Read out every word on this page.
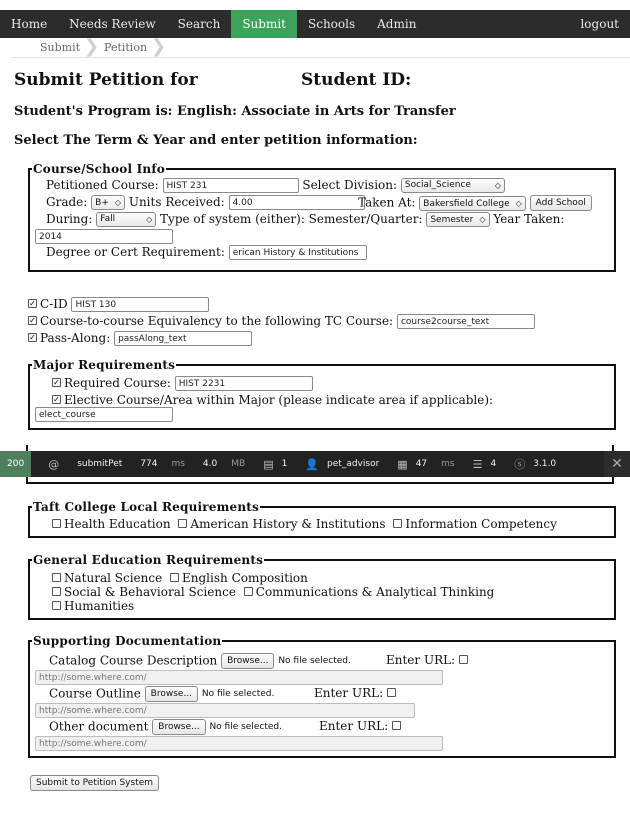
Home	Needs Review	Search	Submit	Schools	Admin	logout
Submit ❯ Petition ❯
Submit Petition for	Student ID:
Student's Program is: English: Associate in Arts for Transfer
Select The Term & Year and enter petition information:
Course/School Info
Petitioned Course: HIST 231	Select Division: Social_Science	◇
Grade: B+ ◇ Units Received: 4.00	Taken At: Bakersfield College ◇ Add School
During: Fall	◇ Type of system (either): Semester/Quarter: Semester ◇ Year Taken:
2014
Degree or Cert Requirement: erican History & Institutions
✓ C-ID HIST 130
✓ Course-to-course Equivalency to the following TC Course: course2course_text
✓ Pass-Along: passAlong_text
Major Requirements
✓ Required Course: HIST 2231
✓ Elective Course/Area within Major (please indicate area if applicable):
elect_course
200	@ submitPet 774 ms 4.0 MB ▤ 1 👤 pet_advisor ▦ 47 ms ☰ 4 ⓢ 3.1.0	✕
Taft College Local Requirements
Health Education American History & Institutions Information Competency
General Education Requirements
Natural Science English Composition
Social & Behavioral Science Communications & Analytical Thinking
Humanities
Supporting Documentation
Catalog Course Description Browse... No file selected.	Enter URL:
http://some.where.com/
Course Outline Browse... No file selected.	Enter URL:
http://some.where.com/
Other document Browse... No file selected.	Enter URL:
http://some.where.com/
Submit to Petition System
